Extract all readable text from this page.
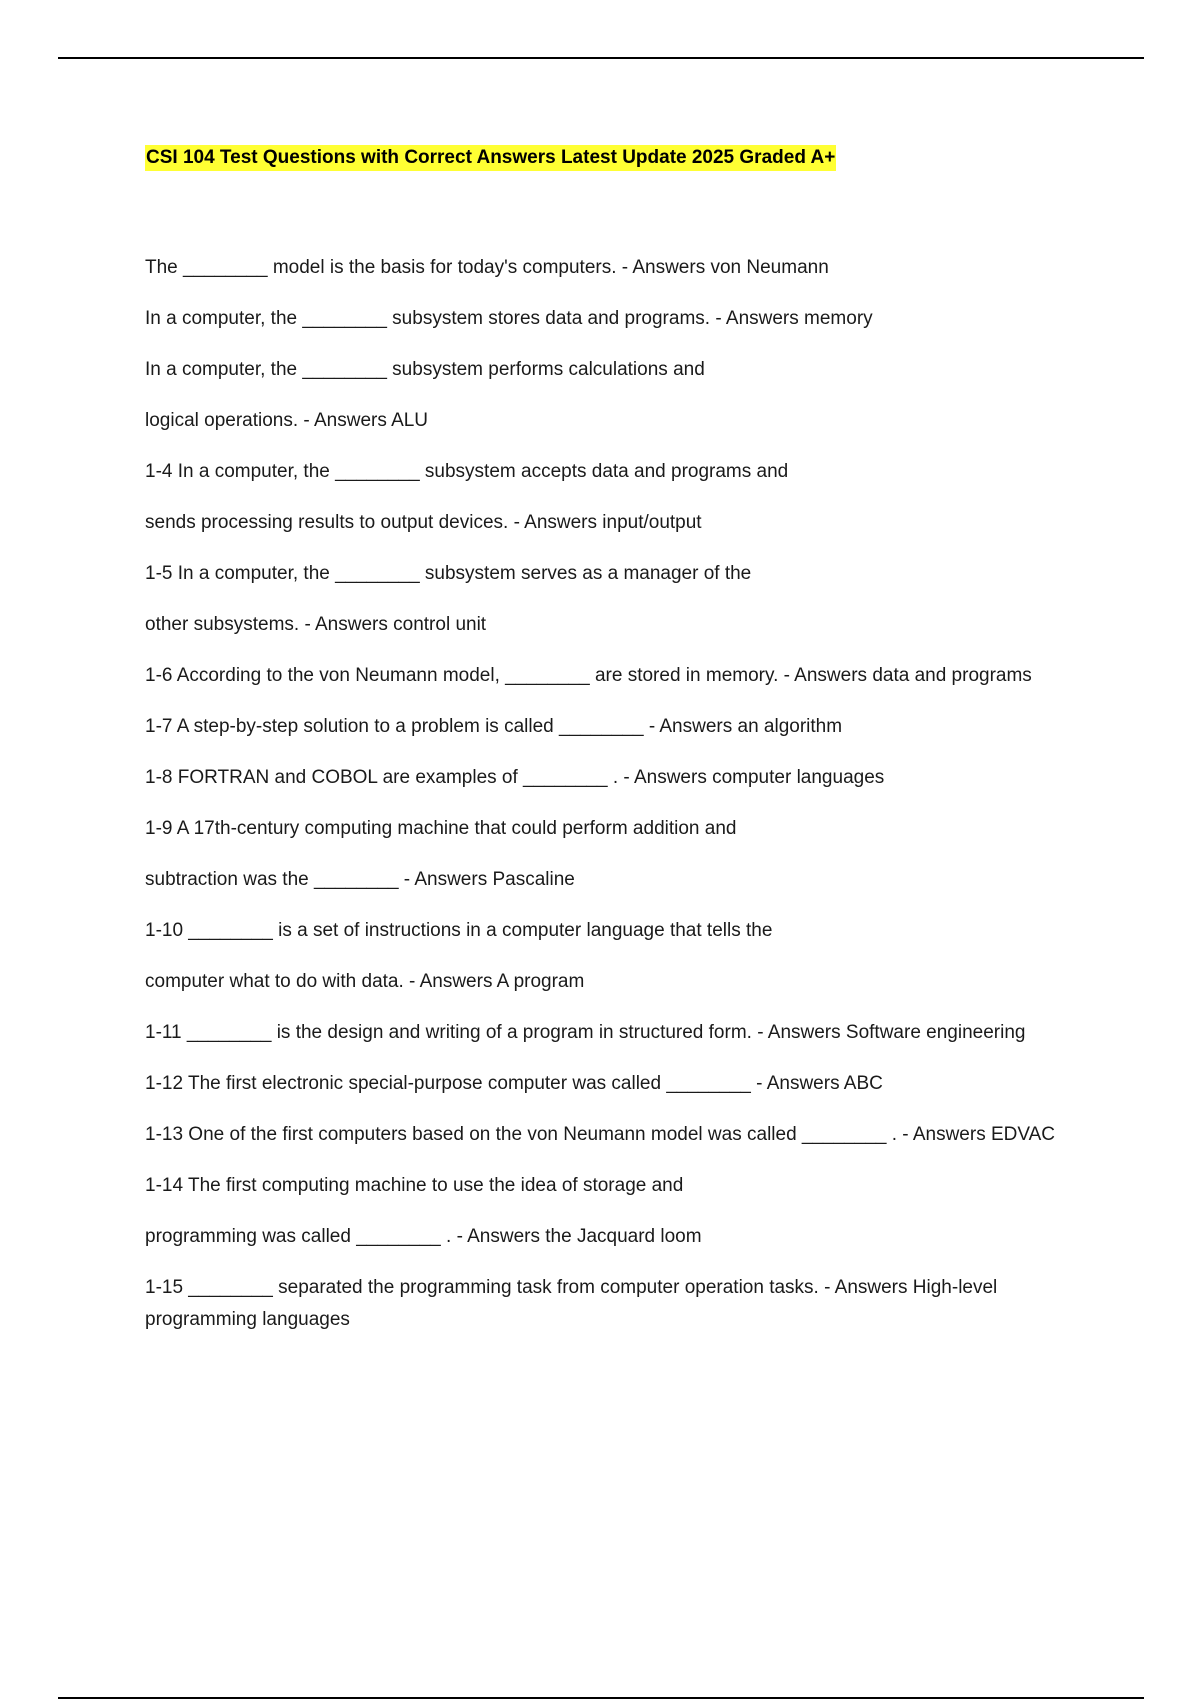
CSI 104 Test Questions with Correct Answers Latest Update 2025 Graded A+

The ________ model is the basis for today's computers. - Answers von Neumann

In a computer, the ________ subsystem stores data and programs. - Answers memory

In a computer, the ________ subsystem performs calculations and

logical operations. - Answers ALU

1-4 In a computer, the ________ subsystem accepts data and programs and

sends processing results to output devices. - Answers input/output

1-5 In a computer, the ________ subsystem serves as a manager of the

other subsystems. - Answers control unit

1-6 According to the von Neumann model, ________ are stored in memory. - Answers data and programs

1-7 A step-by-step solution to a problem is called ________ - Answers an algorithm

1-8 FORTRAN and COBOL are examples of ________ . - Answers computer languages

1-9 A 17th-century computing machine that could perform addition and

subtraction was the ________ - Answers Pascaline

1-10 ________ is a set of instructions in a computer language that tells the

computer what to do with data. - Answers A program

1-11 ________ is the design and writing of a program in structured form. - Answers Software engineering

1-12 The first electronic special-purpose computer was called ________ - Answers ABC

1-13 One of the first computers based on the von Neumann model was called ________ . - Answers EDVAC

1-14 The first computing machine to use the idea of storage and

programming was called ________ . - Answers the Jacquard loom

1-15 ________ separated the programming task from computer operation tasks. - Answers High-level programming languages
